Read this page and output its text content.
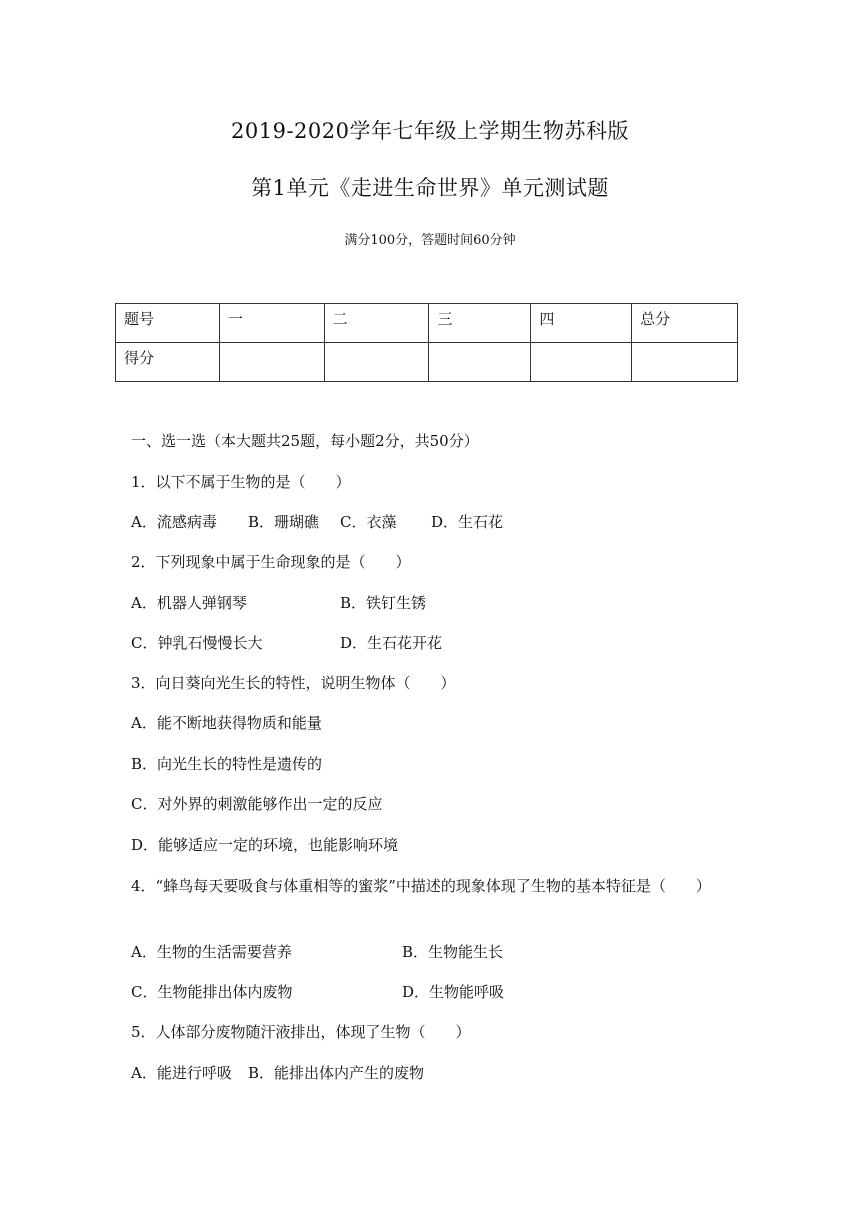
2019-2020学年七年级上学期生物苏科版
第1单元《走进生命世界》单元测试题
满分100分，答题时间60分钟
题号	一	二	三	四	总分
得分					
一、选一选（本大题共25题，每小题2分，共50分）
1．以下不属于生物的是（　　）
A．流感病毒 B．珊瑚礁 C．衣藻 D．生石花
2．下列现象中属于生命现象的是（　　）
A．机器人弹钢琴	B．铁钉生锈
C．钟乳石慢慢长大	D．生石花开花
3．向日葵向光生长的特性，说明生物体（　　）
A．能不断地获得物质和能量
B．向光生长的特性是遗传的
C．对外界的刺激能够作出一定的反应
D．能够适应一定的环境，也能影响环境
4．“蜂鸟每天要吸食与体重相等的蜜浆”中描述的现象体现了生物的基本特征是（　　）
A．生物的生活需要营养	B．生物能生长
C．生物能排出体内废物	D．生物能呼吸
5．人体部分废物随汗液排出，体现了生物（　　）
A．能进行呼吸 B．能排出体内产生的废物
